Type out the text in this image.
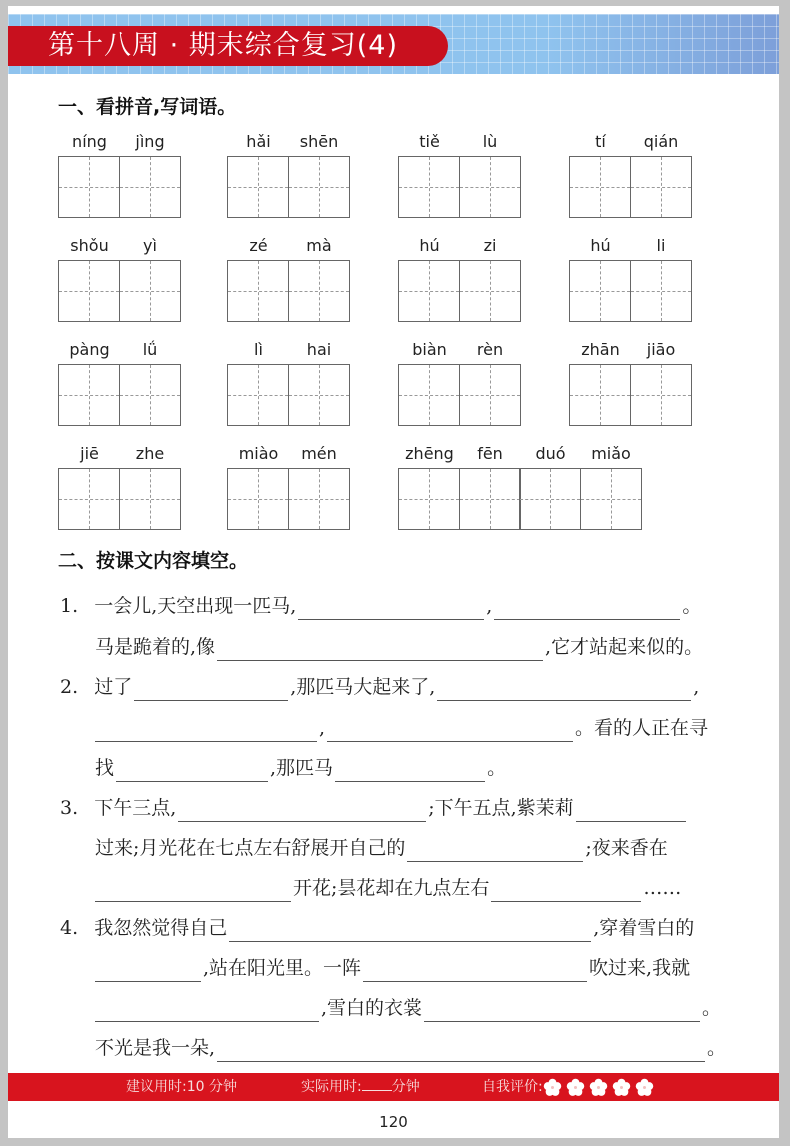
第十八周 · 期末综合复习(4)
一、看拼音,写词语。
níng	jìng	hǎi	shēn	tiě	lù	tí	qián
shǒu	yì	zé	mà	hú	zi	hú	li
pàng	lǘ	lì	hai	biàn	rèn	zhān	jiāo
jiē	zhe	miào	mén	zhēng	fēn	duó	miǎo
二、按课文内容填空。
1. 一会儿,天空出现一匹马,	,	。
马是跪着的,像	,它才站起来似的。
2. 过了	,那匹马大起来了,	,
,	。看的人正在寻
找	,那匹马	。
3. 下午三点,	;下午五点,紫茉莉
过来;月光花在七点左右舒展开自己的	;夜来香在
开花;昙花却在九点左右	……
4. 我忽然觉得自己	,穿着雪白的
,站在阳光里。一阵	吹过来,我就
,雪白的衣裳	。
不光是我一朵,	。
建议用时:10 分钟	实际用时: 分钟	自我评价:
120
